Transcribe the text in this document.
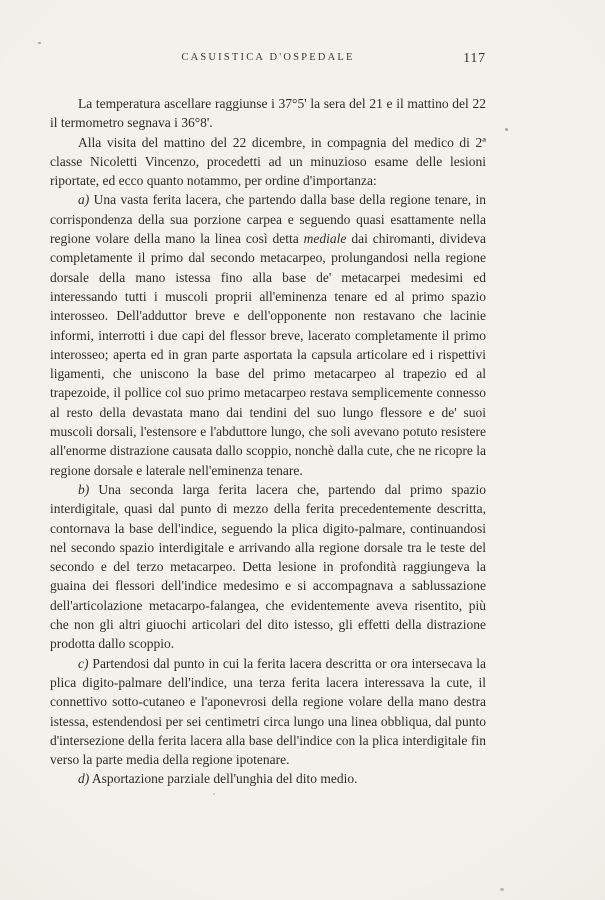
CASUISTICA D'OSPEDALE	117

La temperatura ascellare raggiunse i 37°5' la sera del 21 e il mattino del 22 il termometro segnava i 36°8'.

Alla visita del mattino del 22 dicembre, in compagnia del medico di 2ª classe Nicoletti Vincenzo, procedetti ad un minuzioso esame delle lesioni riportate, ed ecco quanto notammo, per ordine d'importanza:

a) Una vasta ferita lacera, che partendo dalla base della regione tenare, in corrispondenza della sua porzione carpea e seguendo quasi esattamente nella regione volare della mano la linea così detta mediale dai chiromanti, divideva completamente il primo dal secondo metacarpeo, prolungandosi nella regione dorsale della mano istessa fino alla base de' metacarpei medesimi ed interessando tutti i muscoli proprii all'eminenza tenare ed al primo spazio interosseo. Dell'adduttor breve e dell'opponente non restavano che lacinie informi, interrotti i due capi del flessor breve, lacerato completamente il primo interosseo; aperta ed in gran parte asportata la capsula articolare ed i rispettivi ligamenti, che uniscono la base del primo metacarpeo al trapezio ed al trapezoide, il pollice col suo primo metacarpeo restava semplicemente connesso al resto della devastata mano dai tendini del suo lungo flessore e de' suoi muscoli dorsali, l'estensore e l'abduttore lungo, che soli avevano potuto resistere all'enorme distrazione causata dallo scoppio, nonchè dalla cute, che ne ricopre la regione dorsale e laterale nell'eminenza tenare.

b) Una seconda larga ferita lacera che, partendo dal primo spazio interdigitale, quasi dal punto di mezzo della ferita precedentemente descritta, contornava la base dell'indice, seguendo la plica digito-palmare, continuandosi nel secondo spazio interdigitale e arrivando alla regione dorsale tra le teste del secondo e del terzo metacarpeo. Detta lesione in profondità raggiungeva la guaina dei flessori dell'indice medesimo e si accompagnava a sablussazione dell'articolazione metacarpo-falangea, che evidentemente aveva risentito, più che non gli altri giuochi articolari del dito istesso, gli effetti della distrazione prodotta dallo scoppio.

c) Partendosi dal punto in cui la ferita lacera descritta or ora intersecava la plica digito-palmare dell'indice, una terza ferita lacera interessava la cute, il connettivo sotto-cutaneo e l'aponevrosi della regione volare della mano destra istessa, estendendosi per sei centimetri circa lungo una linea obbliqua, dal punto d'intersezione della ferita lacera alla base dell'indice con la plica interdigitale fin verso la parte media della regione ipotenare.

d) Asportazione parziale dell'unghia del dito medio.
